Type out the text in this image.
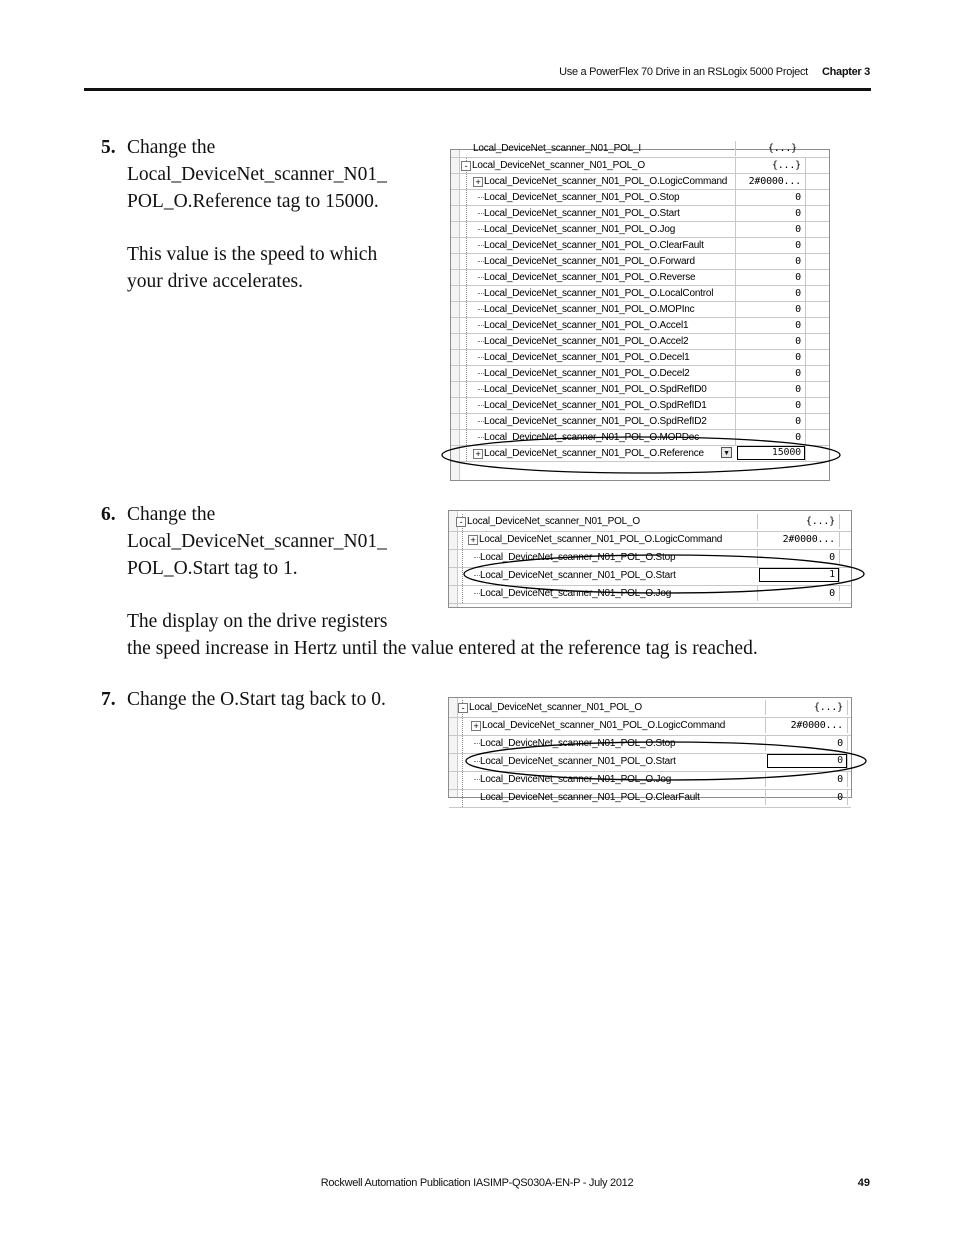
Use a PowerFlex 70 Drive in an RSLogix 5000 Project Chapter 3
5. Change the

Local_DeviceNet_scanner_N01_

POL_O.Reference tag to 15000.

This value is the speed to which

your drive accelerates.

6. Change the

Local_DeviceNet_scanner_N01_

POL_O.Start tag to 1.

The display on the drive registers

the speed increase in Hertz until the value entered at the reference tag is reached.

7. Change the O.Start tag back to 0.

Local_DeviceNet_scanner_N01_POL_I	{...}
- Local_DeviceNet_scanner_N01_POL_O	{...}
+ Local_DeviceNet_scanner_N01_POL_O.LogicCommand	2#0000...
Local_DeviceNet_scanner_N01_POL_O.Stop	0
Local_DeviceNet_scanner_N01_POL_O.Start	0
Local_DeviceNet_scanner_N01_POL_O.Jog	0
Local_DeviceNet_scanner_N01_POL_O.ClearFault	0
Local_DeviceNet_scanner_N01_POL_O.Forward	0
Local_DeviceNet_scanner_N01_POL_O.Reverse	0
Local_DeviceNet_scanner_N01_POL_O.LocalControl	0
Local_DeviceNet_scanner_N01_POL_O.MOPInc	0
Local_DeviceNet_scanner_N01_POL_O.Accel1	0
Local_DeviceNet_scanner_N01_POL_O.Accel2	0
Local_DeviceNet_scanner_N01_POL_O.Decel1	0
Local_DeviceNet_scanner_N01_POL_O.Decel2	0
Local_DeviceNet_scanner_N01_POL_O.SpdRefID0	0
Local_DeviceNet_scanner_N01_POL_O.SpdRefID1	0
Local_DeviceNet_scanner_N01_POL_O.SpdRefID2	0
Local_DeviceNet_scanner_N01_POL_O.MOPDec	0
+ Local_DeviceNet_scanner_N01_POL_O.Reference	▼	15000
- Local_DeviceNet_scanner_N01_POL_O	{...}
+ Local_DeviceNet_scanner_N01_POL_O.LogicCommand	2#0000...
Local_DeviceNet_scanner_N01_POL_O.Stop	0
Local_DeviceNet_scanner_N01_POL_O.Start	1
Local_DeviceNet_scanner_N01_POL_O.Jog	0
- Local_DeviceNet_scanner_N01_POL_O	{...}
+ Local_DeviceNet_scanner_N01_POL_O.LogicCommand	2#0000...
Local_DeviceNet_scanner_N01_POL_O.Stop	0
Local_DeviceNet_scanner_N01_POL_O.Start	0
Local_DeviceNet_scanner_N01_POL_O.Jog	0
Local_DeviceNet_scanner_N01_POL_O.ClearFault	0
Rockwell Automation Publication IASIMP-QS030A-EN-P - July 2012	49
